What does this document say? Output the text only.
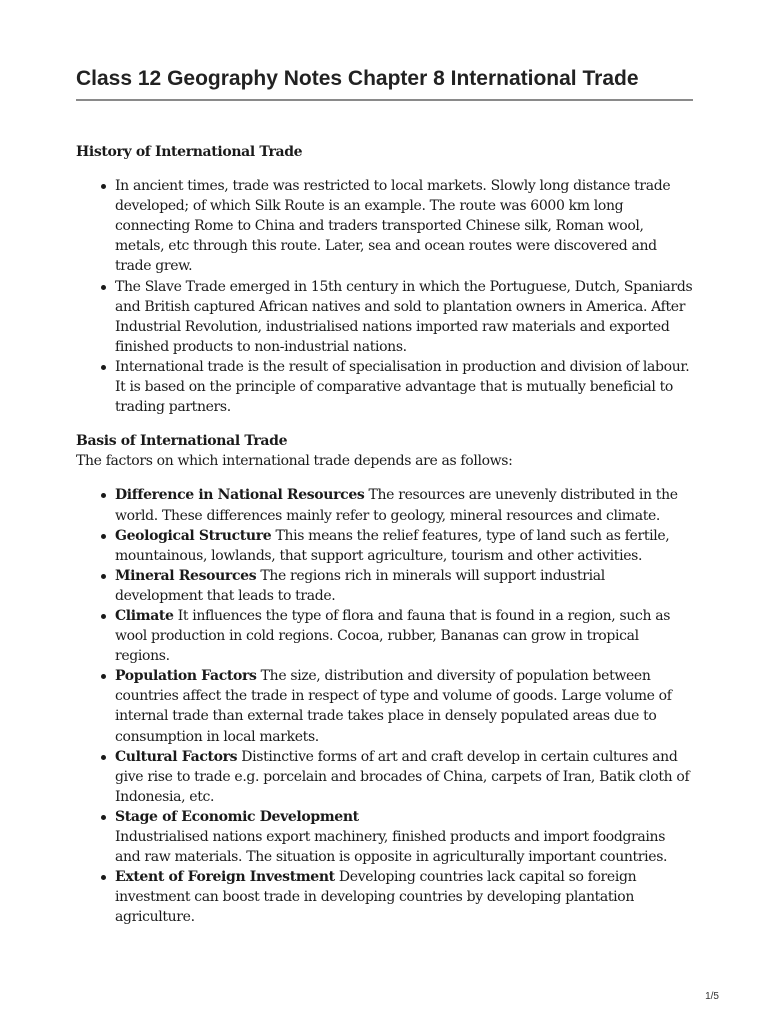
Class 12 Geography Notes Chapter 8 International Trade

History of International Trade

In ancient times, trade was restricted to local markets. Slowly long distance trade developed; of which Silk Route is an example. The route was 6000 km long connecting Rome to China and traders transported Chinese silk, Roman wool, metals, etc through this route. Later, sea and ocean routes were discovered and trade grew.
The Slave Trade emerged in 15th century in which the Portuguese, Dutch, Spaniards and British captured African natives and sold to plantation owners in America. After Industrial Revolution, industrialised nations imported raw materials and exported finished products to non-industrial nations.
International trade is the result of specialisation in production and division of labour. It is based on the principle of comparative advantage that is mutually beneficial to trading partners.

Basis of International Trade

The factors on which international trade depends are as follows:

Difference in National Resources The resources are unevenly distributed in the world. These differences mainly refer to geology, mineral resources and climate.
Geological Structure This means the relief features, type of land such as fertile, mountainous, lowlands, that support agriculture, tourism and other activities.
Mineral Resources The regions rich in minerals will support industrial development that leads to trade.
Climate It influences the type of flora and fauna that is found in a region, such as wool production in cold regions. Cocoa, rubber, Bananas can grow in tropical regions.
Population Factors The size, distribution and diversity of population between countries affect the trade in respect of type and volume of goods. Large volume of internal trade than external trade takes place in densely populated areas due to consumption in local markets.
Cultural Factors Distinctive forms of art and craft develop in certain cultures and give rise to trade e.g. porcelain and brocades of China, carpets of Iran, Batik cloth of Indonesia, etc.
Stage of Economic Development
Industrialised nations export machinery, finished products and import foodgrains and raw materials. The situation is opposite in agriculturally important countries.
Extent of Foreign Investment Developing countries lack capital so foreign investment can boost trade in developing countries by developing plantation agriculture.
1/5
